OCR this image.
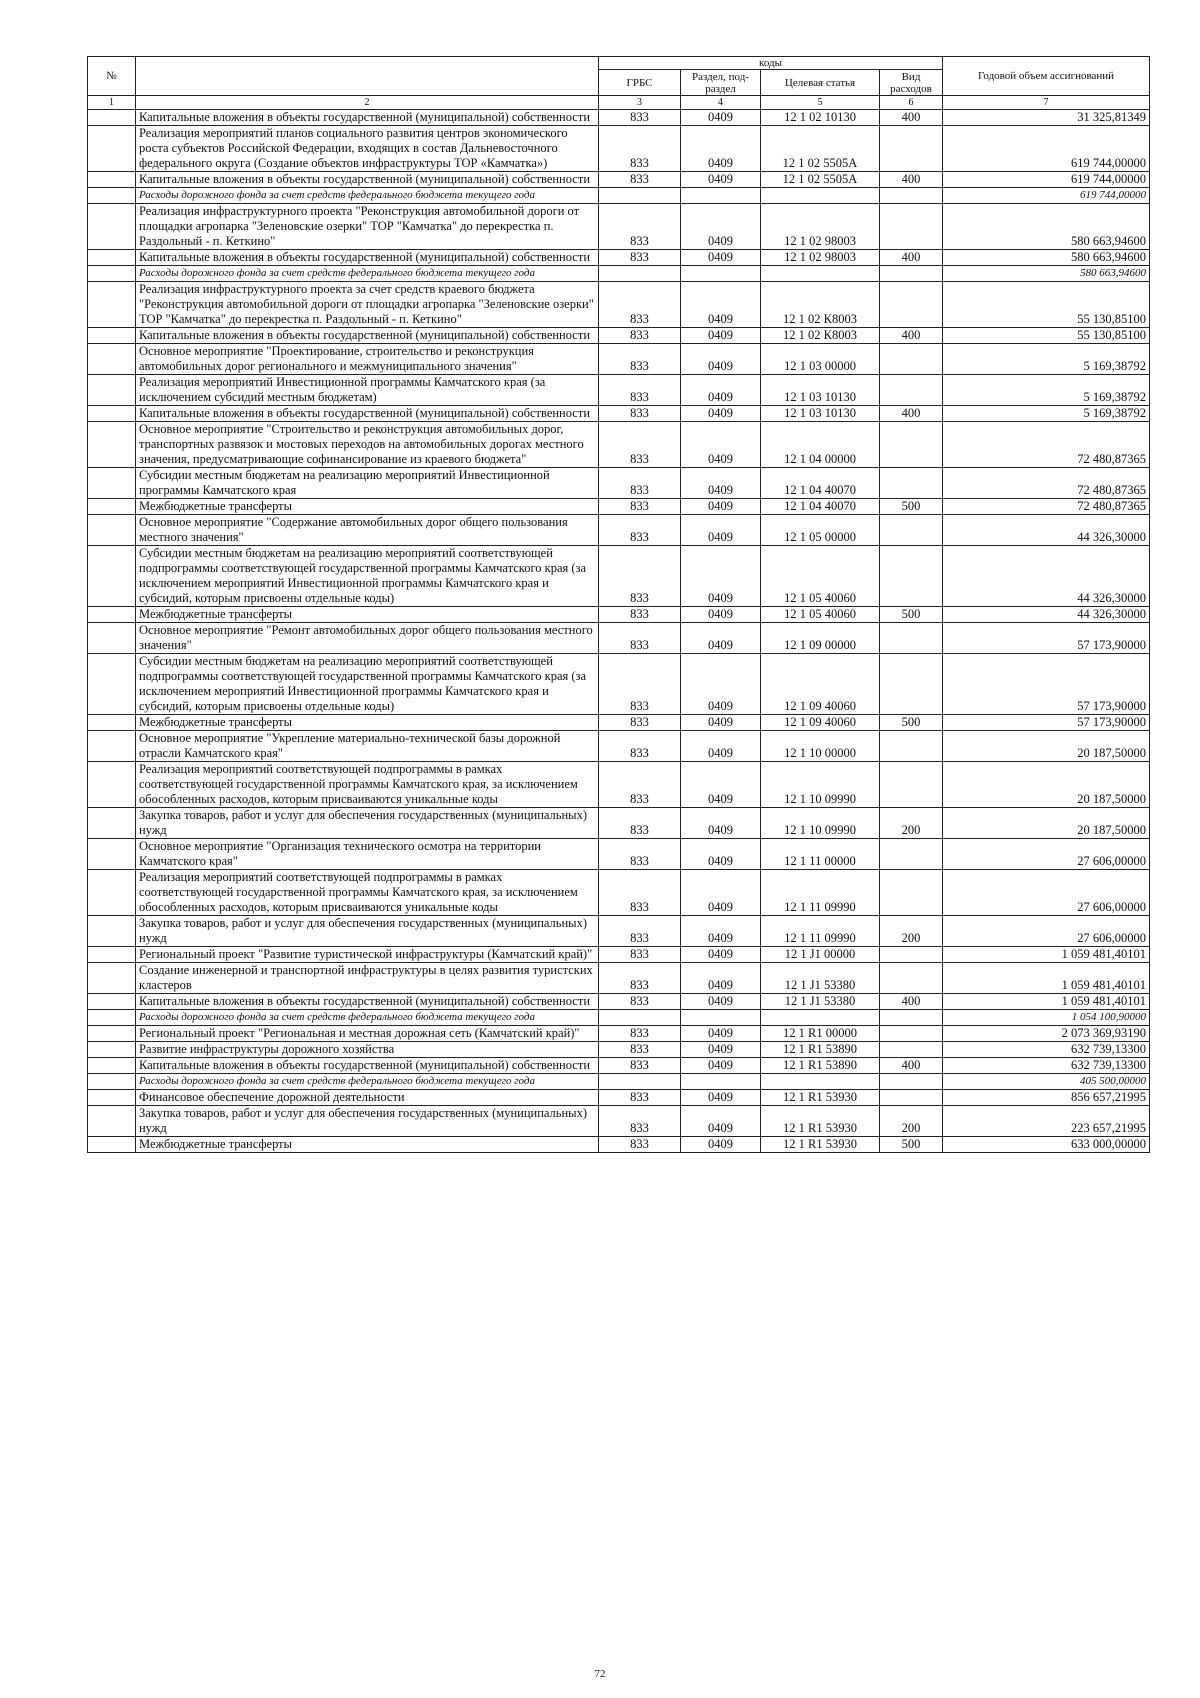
№		коды				Годовой объем ассигнований
		ГРБС	Раздел, под-раздел	Целевая статья	Вид расходов	
1	2	3	4	5	6	7
	Капитальные вложения в объекты государственной (муниципальной) собственности	833	0409	12 1 02 10130	400	31 325,81349
	Реализация мероприятий планов социального развития центров экономического роста субъектов Российской Федерации, входящих в состав Дальневосточного федерального округа (Создание объектов инфраструктуры ТОР «Камчатка»)	833	0409	12 1 02 5505А		619 744,00000
	Капитальные вложения в объекты государственной (муниципальной) собственности	833	0409	12 1 02 5505А	400	619 744,00000
	Расходы дорожного фонда за счет средств федерального бюджета текущего года					619 744,00000
	Реализация инфраструктурного проекта "Реконструкция автомобильной дороги от площадки агропарка "Зеленовские озерки" ТОР "Камчатка" до перекрестка п. Раздольный - п. Кеткино"	833	0409	12 1 02 98003		580 663,94600
	Капитальные вложения в объекты государственной (муниципальной) собственности	833	0409	12 1 02 98003	400	580 663,94600
	Расходы дорожного фонда за счет средств федерального бюджета текущего года					580 663,94600
	Реализация инфраструктурного проекта за счет средств краевого бюджета "Реконструкция автомобильной дороги от площадки агропарка "Зеленовские озерки" ТОР "Камчатка" до перекрестка п. Раздольный - п. Кеткино"	833	0409	12 1 02 К8003		55 130,85100
	Капитальные вложения в объекты государственной (муниципальной) собственности	833	0409	12 1 02 К8003	400	55 130,85100
	Основное мероприятие "Проектирование, строительство и реконструкция автомобильных дорог регионального и межмуниципального значения"	833	0409	12 1 03 00000		5 169,38792
	Реализация мероприятий Инвестиционной программы Камчатского края (за исключением субсидий местным бюджетам)	833	0409	12 1 03 10130		5 169,38792
	Капитальные вложения в объекты государственной (муниципальной) собственности	833	0409	12 1 03 10130	400	5 169,38792
	Основное мероприятие "Строительство и реконструкция автомобильных дорог, транспортных развязок и мостовых переходов на автомобильных дорогах местного значения, предусматривающие софинансирование из краевого бюджета"	833	0409	12 1 04 00000		72 480,87365
	Субсидии местным бюджетам на реализацию мероприятий Инвестиционной программы Камчатского края	833	0409	12 1 04 40070		72 480,87365
	Межбюджетные трансферты	833	0409	12 1 04 40070	500	72 480,87365
	Основное мероприятие "Содержание автомобильных дорог общего пользования местного значения"	833	0409	12 1 05 00000		44 326,30000
	Субсидии местным бюджетам на реализацию мероприятий соответствующей подпрограммы соответствующей государственной программы Камчатского края (за исключением мероприятий Инвестиционной программы Камчатского края и субсидий, которым присвоены отдельные коды)	833	0409	12 1 05 40060		44 326,30000
	Межбюджетные трансферты	833	0409	12 1 05 40060	500	44 326,30000
	Основное мероприятие "Ремонт автомобильных дорог общего пользования местного значения"	833	0409	12 1 09 00000		57 173,90000
	Субсидии местным бюджетам на реализацию мероприятий соответствующей подпрограммы соответствующей государственной программы Камчатского края (за исключением мероприятий Инвестиционной программы Камчатского края и субсидий, которым присвоены отдельные коды)	833	0409	12 1 09 40060		57 173,90000
	Межбюджетные трансферты	833	0409	12 1 09 40060	500	57 173,90000
	Основное мероприятие "Укрепление материально-технической базы дорожной отрасли Камчатского края"	833	0409	12 1 10 00000		20 187,50000
	Реализация мероприятий соответствующей подпрограммы в рамках соответствующей государственной программы Камчатского края, за исключением обособленных расходов, которым присваиваются уникальные коды	833	0409	12 1 10 09990		20 187,50000
	Закупка товаров, работ и услуг для обеспечения государственных (муниципальных) нужд	833	0409	12 1 10 09990	200	20 187,50000
	Основное мероприятие "Организация технического осмотра на территории Камчатского края"	833	0409	12 1 11 00000		27 606,00000
	Реализация мероприятий соответствующей подпрограммы в рамках соответствующей государственной программы Камчатского края, за исключением обособленных расходов, которым присваиваются уникальные коды	833	0409	12 1 11 09990		27 606,00000
	Закупка товаров, работ и услуг для обеспечения государственных (муниципальных) нужд	833	0409	12 1 11 09990	200	27 606,00000
	Региональный проект "Развитие туристической инфраструктуры (Камчатский край)"	833	0409	12 1 J1 00000		1 059 481,40101
	Создание инженерной и транспортной инфраструктуры в целях развития туристских кластеров	833	0409	12 1 J1 53380		1 059 481,40101
	Капитальные вложения в объекты государственной (муниципальной) собственности	833	0409	12 1 J1 53380	400	1 059 481,40101
	Расходы дорожного фонда за счет средств федерального бюджета текущего года					1 054 100,90000
	Региональный проект "Региональная и местная дорожная сеть (Камчатский край)"	833	0409	12 1 R1 00000		2 073 369,93190
	Развитие инфраструктуры дорожного хозяйства	833	0409	12 1 R1 53890		632 739,13300
	Капитальные вложения в объекты государственной (муниципальной) собственности	833	0409	12 1 R1 53890	400	632 739,13300
	Расходы дорожного фонда за счет средств федерального бюджета текущего года					405 500,00000
	Финансовое обеспечение дорожной деятельности	833	0409	12 1 R1 53930		856 657,21995
	Закупка товаров, работ и услуг для обеспечения государственных (муниципальных) нужд	833	0409	12 1 R1 53930	200	223 657,21995
	Межбюджетные трансферты	833	0409	12 1 R1 53930	500	633 000,00000
72
